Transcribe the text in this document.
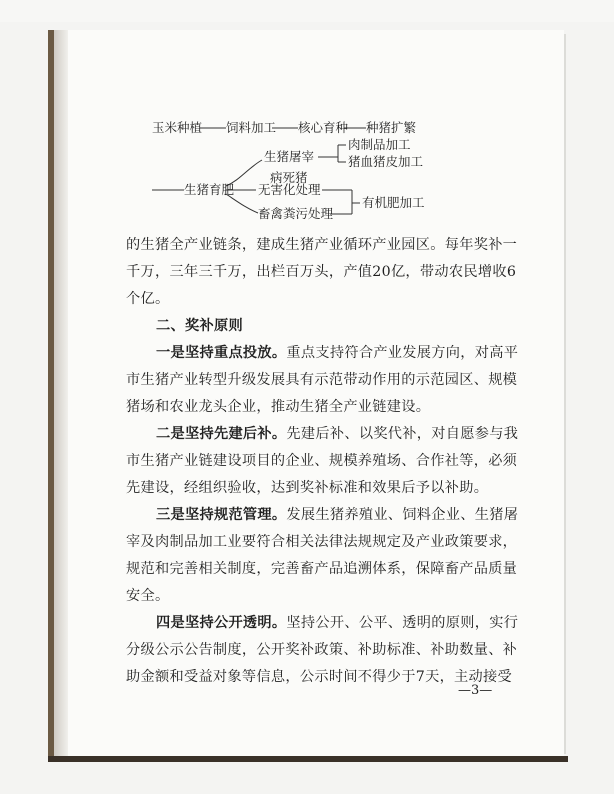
玉米种植 饲料加工 核心育种 种猪扩繁
肉制品加工
生猪屠宰	猪血猪皮加工
病死猪
生猪育肥 无害化处理
有机肥加工
畜禽粪污处理
的生猪全产业链条，建成生猪产业循环产业园区。每年奖补一
千万，三年三千万，出栏百万头，产值20亿，带动农民增收6
个亿。
二、奖补原则
一是坚持重点投放。重点支持符合产业发展方向，对高平
市生猪产业转型升级发展具有示范带动作用的示范园区、规模
猪场和农业龙头企业，推动生猪全产业链建设。
二是坚持先建后补。先建后补、以奖代补，对自愿参与我
市生猪产业链建设项目的企业、规模养殖场、合作社等，必须
先建设，经组织验收，达到奖补标准和效果后予以补助。
三是坚持规范管理。发展生猪养殖业、饲料企业、生猪屠
宰及肉制品加工业要符合相关法律法规规定及产业政策要求，
规范和完善相关制度，完善畜产品追溯体系，保障畜产品质量
安全。
四是坚持公开透明。坚持公开、公平、透明的原则，实行
分级公示公告制度，公开奖补政策、补助标准、补助数量、补
助金额和受益对象等信息，公示时间不得少于7天，主动接受
—3—
